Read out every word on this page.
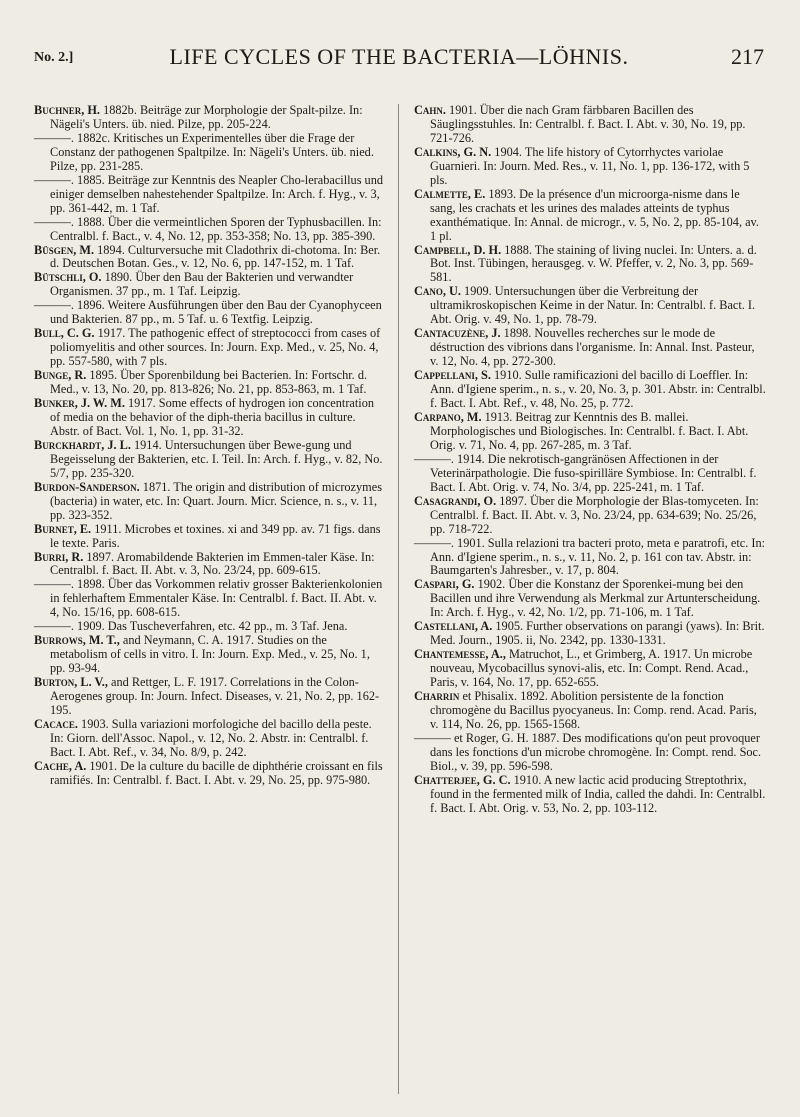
No. 2.]	LIFE CYCLES OF THE BACTERIA—LÖHNIS.	217

Buchner, H. 1882b. Beiträge zur Morphologie der Spalt-pilze. In: Nägeli's Unters. üb. nied. Pilze, pp. 205-224.

———. 1882c. Kritisches un Experimentelles über die Frage der Constanz der pathogenen Spaltpilze. In: Nägeli's Unters. üb. nied. Pilze, pp. 231-285.

———. 1885. Beiträge zur Kenntnis des Neapler Cho-lerabacillus und einiger demselben nahestehender Spaltpilze. In: Arch. f. Hyg., v. 3, pp. 361-442, m. 1 Taf.

———. 1888. Über die vermeintlichen Sporen der Typhusbacillen. In: Centralbl. f. Bact., v. 4, No. 12, pp. 353-358; No. 13, pp. 385-390.

Büsgen, M. 1894. Culturversuche mit Cladothrix di-chotoma. In: Ber. d. Deutschen Botan. Ges., v. 12, No. 6, pp. 147-152, m. 1 Taf.

Bütschli, O. 1890. Über den Bau der Bakterien und verwandter Organismen. 37 pp., m. 1 Taf. Leipzig.

———. 1896. Weitere Ausführungen über den Bau der Cyanophyceen und Bakterien. 87 pp., m. 5 Taf. u. 6 Textfig. Leipzig.

Bull, C. G. 1917. The pathogenic effect of streptococci from cases of poliomyelitis and other sources. In: Journ. Exp. Med., v. 25, No. 4, pp. 557-580, with 7 pls.

Bunge, R. 1895. Über Sporenbildung bei Bacterien. In: Fortschr. d. Med., v. 13, No. 20, pp. 813-826; No. 21, pp. 853-863, m. 1 Taf.

Bunker, J. W. M. 1917. Some effects of hydrogen ion concentration of media on the behavior of the diph-theria bacillus in culture. Abstr. of Bact. Vol. 1, No. 1, pp. 31-32.

Burckhardt, J. L. 1914. Untersuchungen über Bewe-gung und Begeisselung der Bakterien, etc. I. Teil. In: Arch. f. Hyg., v. 82, No. 5/7, pp. 235-320.

Burdon-Sanderson. 1871. The origin and distribution of microzymes (bacteria) in water, etc. In: Quart. Journ. Micr. Science, n. s., v. 11, pp. 323-352.

Burnet, E. 1911. Microbes et toxines. xi and 349 pp. av. 71 figs. dans le texte. Paris.

Burri, R. 1897. Aromabildende Bakterien im Emmen-taler Käse. In: Centralbl. f. Bact. II. Abt. v. 3, No. 23/24, pp. 609-615.

———. 1898. Über das Vorkommen relativ grosser Bakterienkolonien in fehlerhaftem Emmentaler Käse. In: Centralbl. f. Bact. II. Abt. v. 4, No. 15/16, pp. 608-615.

———. 1909. Das Tuscheverfahren, etc. 42 pp., m. 3 Taf. Jena.

Burrows, M. T., and Neymann, C. A. 1917. Studies on the metabolism of cells in vitro. I. In: Journ. Exp. Med., v. 25, No. 1, pp. 93-94.

Burton, L. V., and Rettger, L. F. 1917. Correlations in the Colon-Aerogenes group. In: Journ. Infect. Diseases, v. 21, No. 2, pp. 162-195.

Cacace. 1903. Sulla variazioni morfologiche del bacillo della peste. In: Giorn. dell'Assoc. Napol., v. 12, No. 2. Abstr. in: Centralbl. f. Bact. I. Abt. Ref., v. 34, No. 8/9, p. 242.

Cache, A. 1901. De la culture du bacille de diphthérie croissant en fils ramifiés. In: Centralbl. f. Bact. I. Abt. v. 29, No. 25, pp. 975-980.

Cahn. 1901. Über die nach Gram färbbaren Bacillen des Säuglingsstuhles. In: Centralbl. f. Bact. I. Abt. v. 30, No. 19, pp. 721-726.

Calkins, G. N. 1904. The life history of Cytorrhyctes variolae Guarnieri. In: Journ. Med. Res., v. 11, No. 1, pp. 136-172, with 5 pls.

Calmette, E. 1893. De la présence d'un microorga-nisme dans le sang, les crachats et les urines des malades atteints de typhus exanthématique. In: Annal. de microgr., v. 5, No. 2, pp. 85-104, av. 1 pl.

Campbell, D. H. 1888. The staining of living nuclei. In: Unters. a. d. Bot. Inst. Tübingen, herausgeg. v. W. Pfeffer, v. 2, No. 3, pp. 569-581.

Cano, U. 1909. Untersuchungen über die Verbreitung der ultramikroskopischen Keime in der Natur. In: Centralbl. f. Bact. I. Abt. Orig. v. 49, No. 1, pp. 78-79.

Cantacuzène, J. 1898. Nouvelles recherches sur le mode de déstruction des vibrions dans l'organisme. In: Annal. Inst. Pasteur, v. 12, No. 4, pp. 272-300.

Cappellani, S. 1910. Sulle ramificazioni del bacillo di Loeffler. In: Ann. d'Igiene sperim., n. s., v. 20, No. 3, p. 301. Abstr. in: Centralbl. f. Bact. I. Abt. Ref., v. 48, No. 25, p. 772.

Carpano, M. 1913. Beitrag zur Kenntnis des B. mallei. Morphologisches und Biologisches. In: Centralbl. f. Bact. I. Abt. Orig. v. 71, No. 4, pp. 267-285, m. 3 Taf.

———. 1914. Die nekrotisch-gangränösen Affectionen in der Veterinärpathologie. Die fuso-spirilläre Symbiose. In: Centralbl. f. Bact. I. Abt. Orig. v. 74, No. 3/4, pp. 225-241, m. 1 Taf.

Casagrandi, O. 1897. Über die Morphologie der Blas-tomyceten. In: Centralbl. f. Bact. II. Abt. v. 3, No. 23/24, pp. 634-639; No. 25/26, pp. 718-722.

———. 1901. Sulla relazioni tra bacteri proto, meta e paratrofi, etc. In: Ann. d'Igiene sperim., n. s., v. 11, No. 2, p. 161 con tav. Abstr. in: Baumgarten's Jahresber., v. 17, p. 804.

Caspari, G. 1902. Über die Konstanz der Sporenkei-mung bei den Bacillen und ihre Verwendung als Merkmal zur Artunterscheidung. In: Arch. f. Hyg., v. 42, No. 1/2, pp. 71-106, m. 1 Taf.

Castellani, A. 1905. Further observations on parangi (yaws). In: Brit. Med. Journ., 1905. ii, No. 2342, pp. 1330-1331.

Chantemesse, A., Matruchot, L., et Grimberg, A. 1917. Un microbe nouveau, Mycobacillus synovi-alis, etc. In: Compt. Rend. Acad., Paris, v. 164, No. 17, pp. 652-655.

Charrin et Phisalix. 1892. Abolition persistente de la fonction chromogène du Bacillus pyocyaneus. In: Comp. rend. Acad. Paris, v. 114, No. 26, pp. 1565-1568.

——— et Roger, G. H. 1887. Des modifications qu'on peut provoquer dans les fonctions d'un microbe chromogène. In: Compt. rend. Soc. Biol., v. 39, pp. 596-598.

Chatterjee, G. C. 1910. A new lactic acid producing Streptothrix, found in the fermented milk of India, called the dahdi. In: Centralbl. f. Bact. I. Abt. Orig. v. 53, No. 2, pp. 103-112.
